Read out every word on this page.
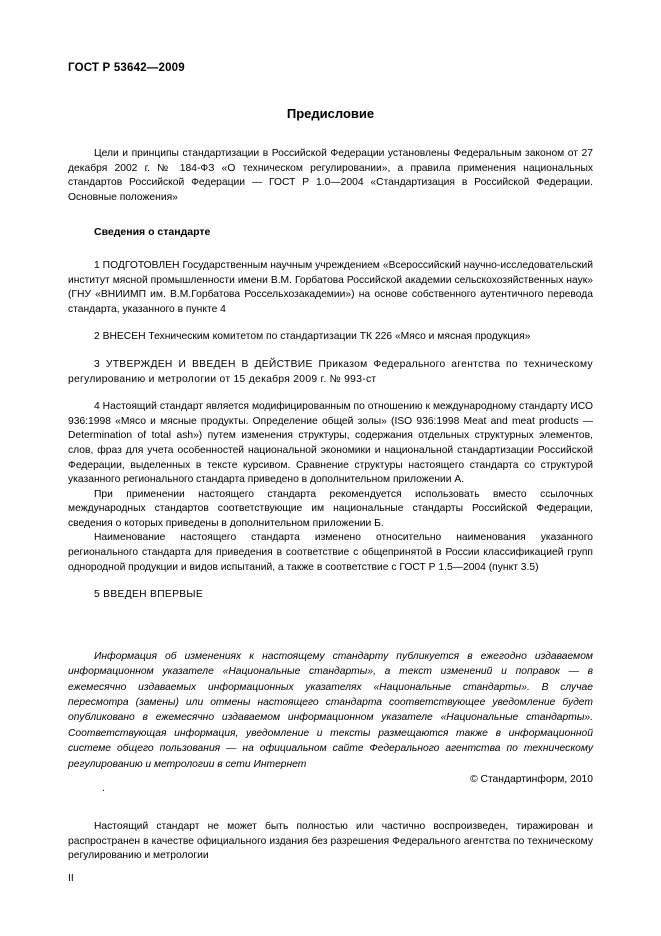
ГОСТ Р 53642—2009
Предисловие

Цели и принципы стандартизации в Российской Федерации установлены Федеральным законом от 27 декабря 2002 г. № 184-ФЗ «О техническом регулировании», а правила применения национальных стандартов Российской Федерации — ГОСТ Р 1.0—2004 «Стандартизация в Российской Федерации. Основные положения»

Сведения о стандарте

1 ПОДГОТОВЛЕН Государственным научным учреждением «Всероссийский научно-исследовательский институт мясной промышленности имени В.М. Горбатова Российской академии сельскохозяйственных наук» (ГНУ «ВНИИМП им. В.М.Горбатова Россельхозакадемии») на основе собственного аутентичного перевода стандарта, указанного в пункте 4

2 ВНЕСЕН Техническим комитетом по стандартизации ТК 226 «Мясо и мясная продукция»

3 УТВЕРЖДЕН И ВВЕДЕН В ДЕЙСТВИЕ Приказом Федерального агентства по техническому регулированию и метрологии от 15 декабря 2009 г. № 993-ст

4 Настоящий стандарт является модифицированным по отношению к международному стандарту ИСО 936:1998 «Мясо и мясные продукты. Определение общей золы» (ISO 936:1998 Meat and meat products — Determination of total ash») путем изменения структуры, содержания отдельных структурных элементов, слов, фраз для учета особенностей национальной экономики и национальной стандартизации Российской Федерации, выделенных в тексте курсивом. Сравнение структуры настоящего стандарта со структурой указанного регионального стандарта приведено в дополнительном приложении А.

При применении настоящего стандарта рекомендуется использовать вместо ссылочных международных стандартов соответствующие им национальные стандарты Российской Федерации, сведения о которых приведены в дополнительном приложении Б.

Наименование настоящего стандарта изменено относительно наименования указанного регионального стандарта для приведения в соответствие с общепринятой в России классификацией групп однородной продукции и видов испытаний, а также в соответствие с ГОСТ Р 1.5—2004 (пункт 3.5)

5 ВВЕДЕН ВПЕРВЫЕ

Информация об изменениях к настоящему стандарту публикуется в ежегодно издаваемом информационном указателе «Национальные стандарты», а текст изменений и поправок — в ежемесячно издаваемых информационных указателях «Национальные стандарты». В случае пересмотра (замены) или отмены настоящего стандарта соответствующее уведомление будет опубликовано в ежемесячно издаваемом информационном указателе «Национальные стандарты». Соответствующая информация, уведомление и тексты размещаются также в информационной системе общего пользования — на официальном сайте Федерального агентства по техническому регулированию и метрологии в сети Интернет

.
© Стандартинформ, 2010
Настоящий стандарт не может быть полностью или частично воспроизведен, тиражирован и распространен в качестве официального издания без разрешения Федерального агентства по техническому регулированию и метрологии
II
